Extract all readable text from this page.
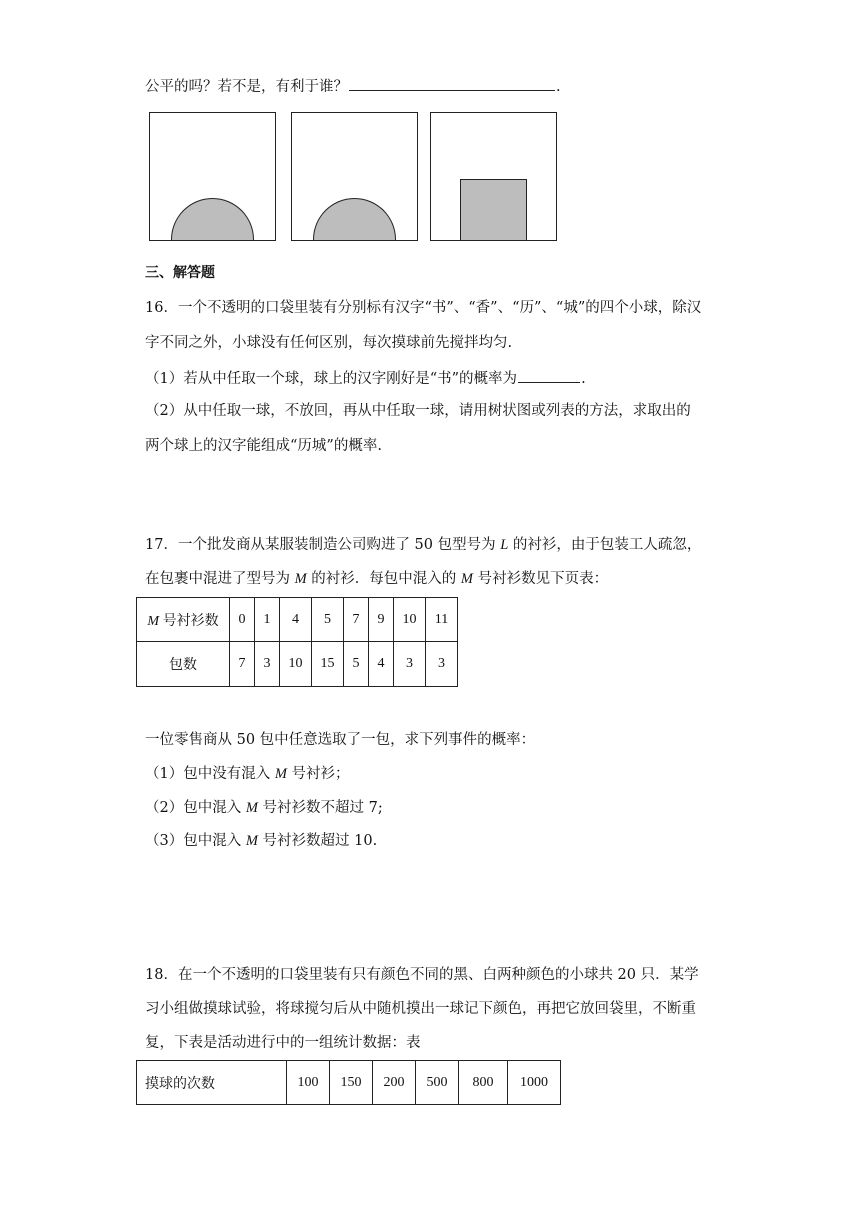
公平的吗？若不是，有利于谁？	.
三、解答题
16．一个不透明的口袋里装有分别标有汉字“书”、“香”、“历”、“城”的四个小球，除汉
字不同之外，小球没有任何区别，每次摸球前先搅拌均匀.
（1）若从中任取一个球，球上的汉字刚好是“书”的概率为	.
（2）从中任取一球，不放回，再从中任取一球，请用树状图或列表的方法，求取出的
两个球上的汉字能组成“历城”的概率.
17．一个批发商从某服装制造公司购进了 50 包型号为 L 的衬衫，由于包装工人疏忽，
在包裹中混进了型号为 M 的衬衫．每包中混入的 M 号衬衫数见下页表：
M 号衬衫数	0	1	4	5	7	9	10	11
包数	7	3	10	15	5	4	3	3
一位零售商从 50 包中任意选取了一包，求下列事件的概率：
（1）包中没有混入 M 号衬衫；
（2）包中混入 M 号衬衫数不超过 7;
（3）包中混入 M 号衬衫数超过 10.
18．在一个不透明的口袋里装有只有颜色不同的黑、白两种颜色的小球共 20 只．某学
习小组做摸球试验，将球搅匀后从中随机摸出一球记下颜色，再把它放回袋里，不断重
复，下表是活动进行中的一组统计数据：表
摸球的次数	100	150	200	500	800	1000
